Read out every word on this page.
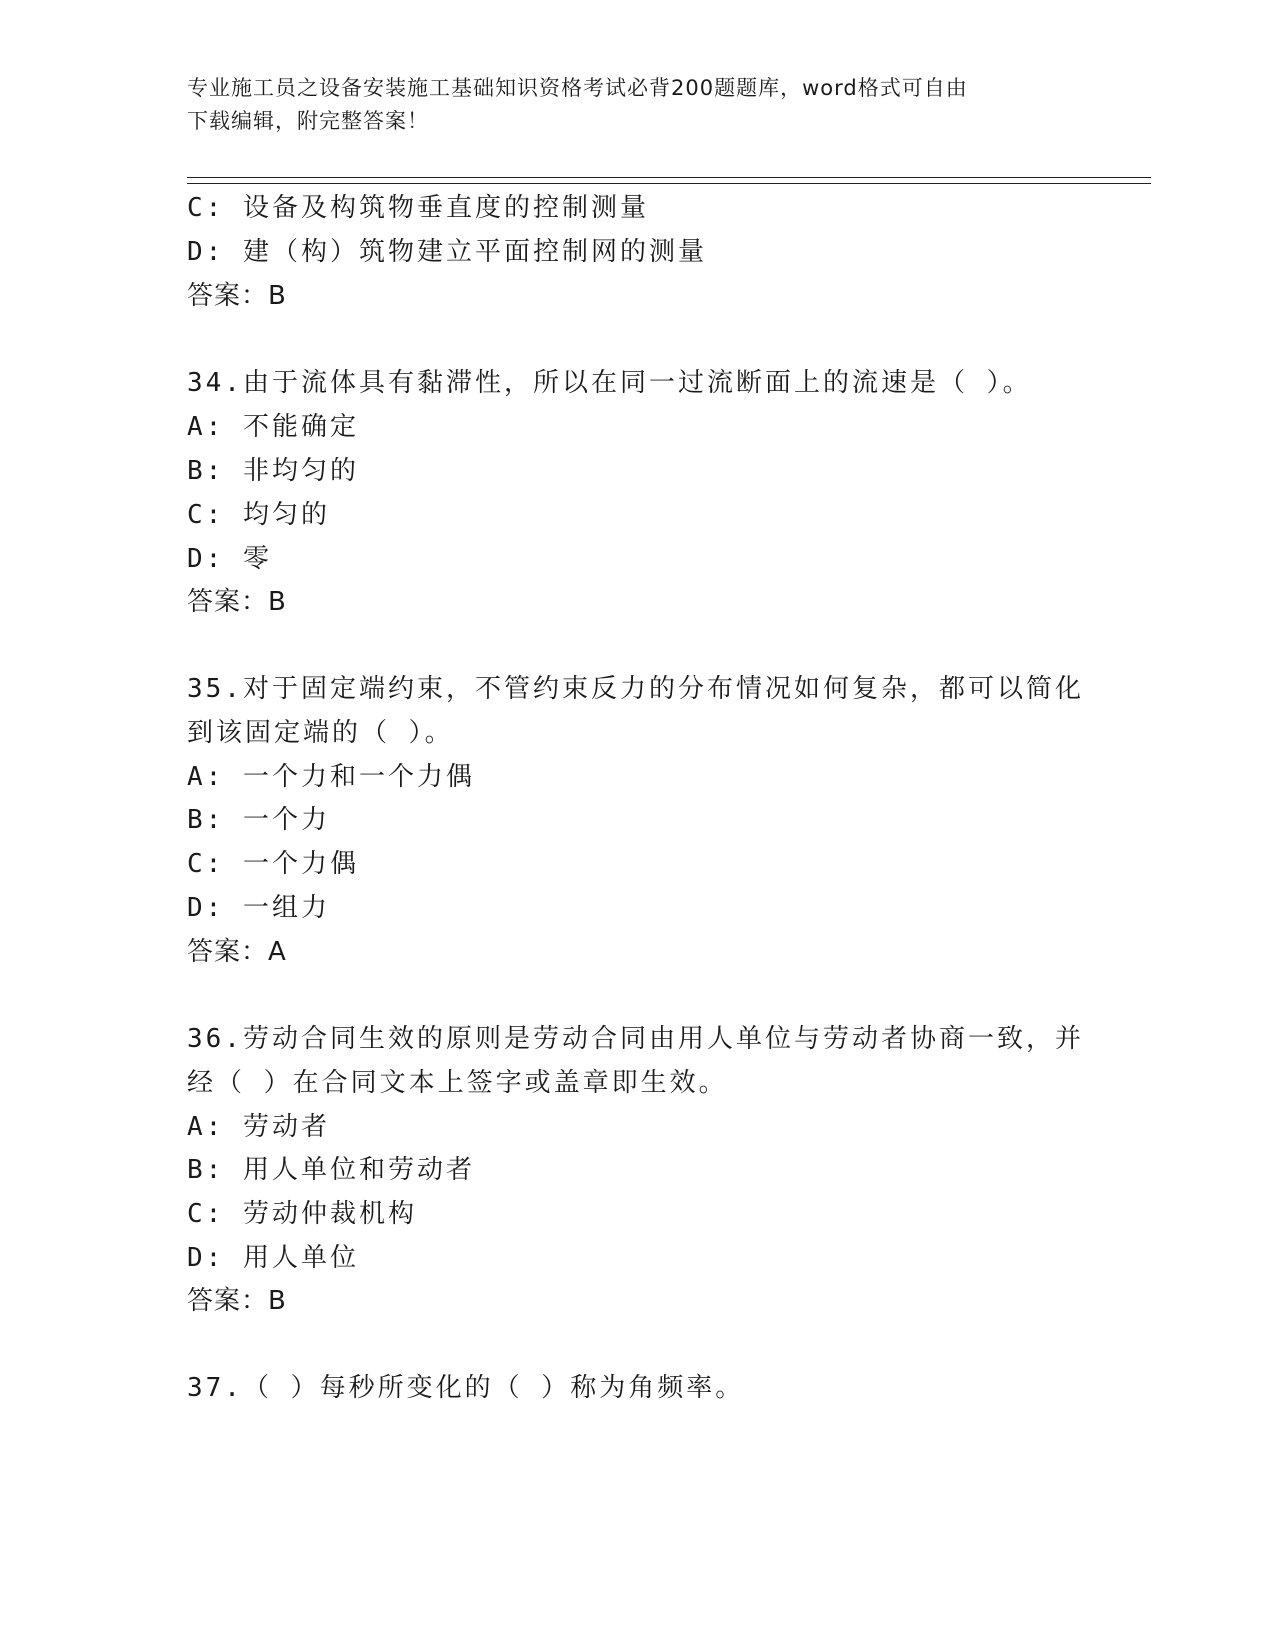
专业施工员之设备安装施工基础知识资格考试必背200题题库，word格式可自由
下载编辑，附完整答案！
C: 设备及构筑物垂直度的控制测量
D: 建（构）筑物建立平面控制网的测量
答案：B
34.由于流体具有黏滞性，所以在同一过流断面上的流速是（ ）。
A: 不能确定
B: 非均匀的
C: 均匀的
D: 零
答案：B
35.对于固定端约束，不管约束反力的分布情况如何复杂，都可以简化
到该固定端的（ ）。
A: 一个力和一个力偶
B: 一个力
C: 一个力偶
D: 一组力
答案：A
36.劳动合同生效的原则是劳动合同由用人单位与劳动者协商一致，并
经（ ）在合同文本上签字或盖章即生效。
A: 劳动者
B: 用人单位和劳动者
C: 劳动仲裁机构
D: 用人单位
答案：B
37.（ ）每秒所变化的（ ）称为角频率。
